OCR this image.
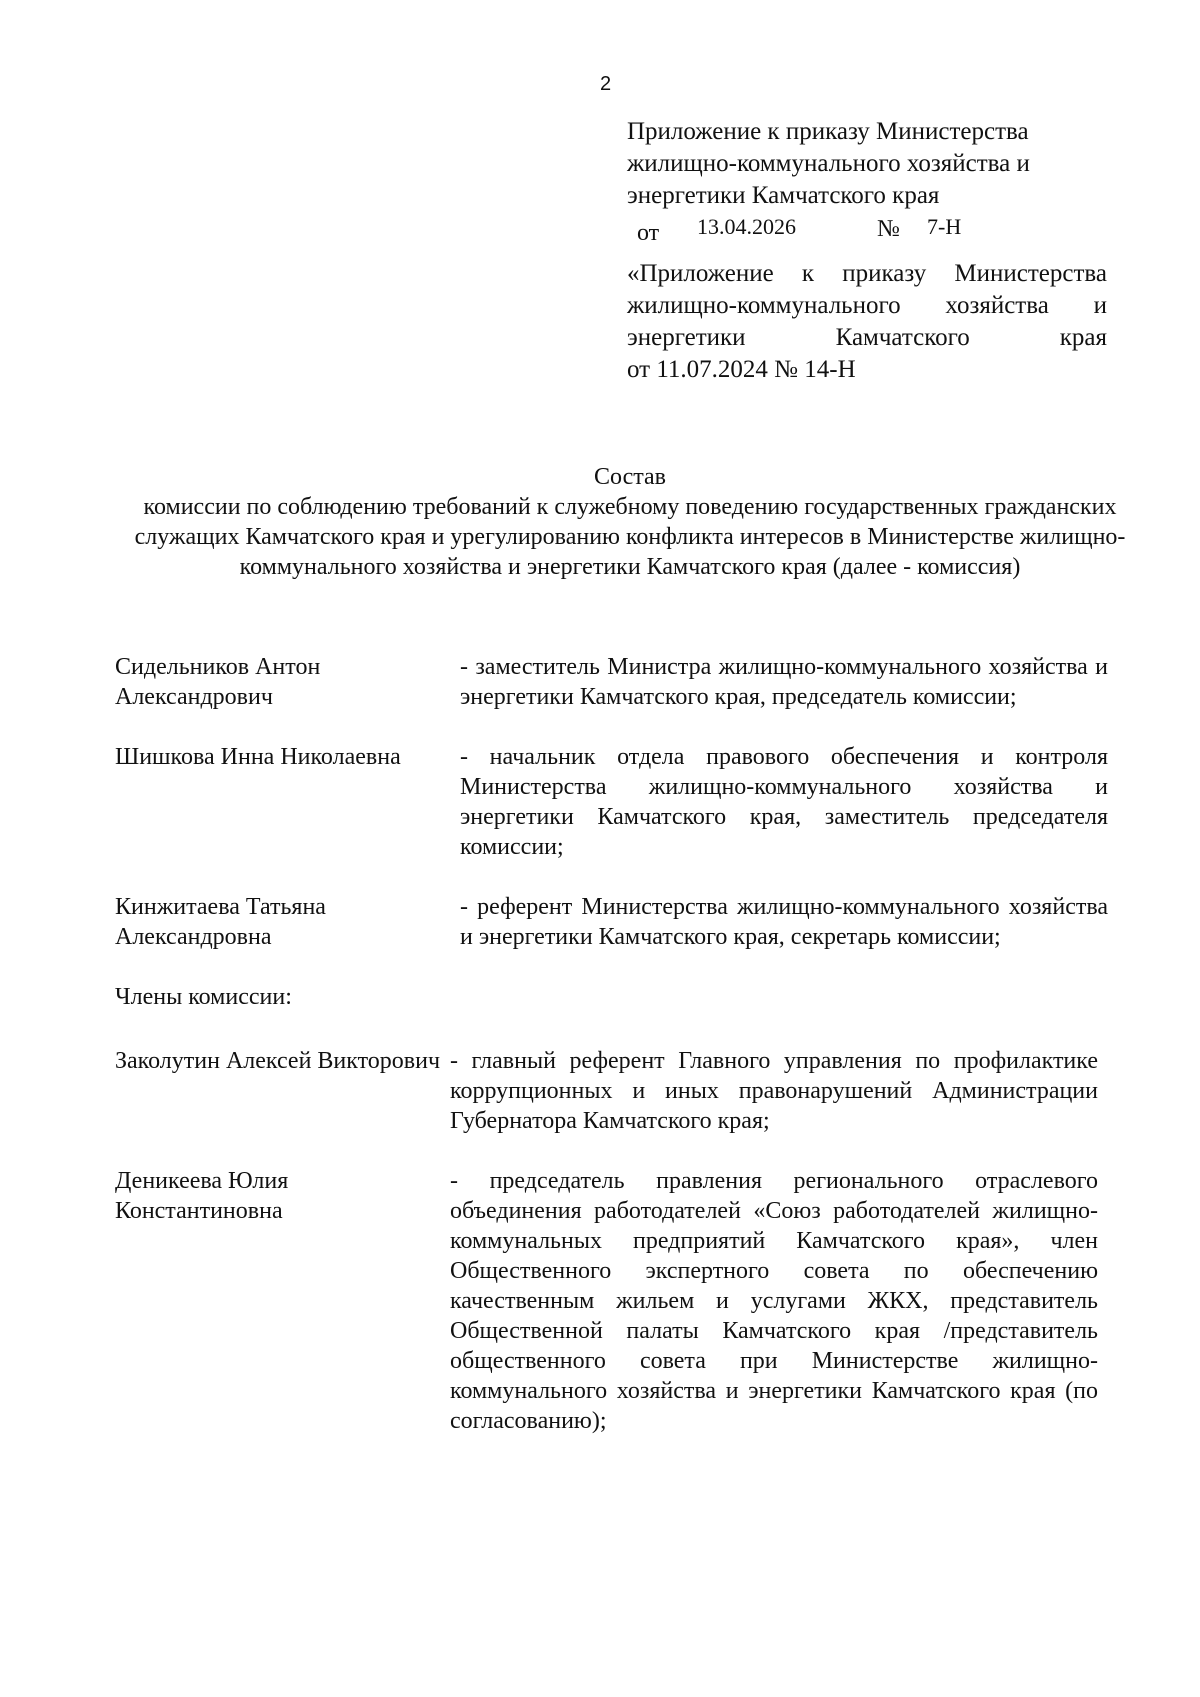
2

Приложение к приказу Министерства жилищно-коммунального хозяйства и энергетики Камчатского края

от 13.04.2026	№ 7-Н
«Приложение к приказу Министерства жилищно-коммунального хозяйства и энергетики Камчатского края
от 11.07.2024 № 14-Н
Состав
комиссии по соблюдению требований к служебному поведению государственных гражданских служащих Камчатского края и урегулированию конфликта интересов в Министерстве жилищно-коммунального хозяйства и энергетики Камчатского края (далее - комиссия)
Сидельников Антон Александрович
- заместитель Министра жилищно-коммунального хозяйства и энергетики Камчатского края, председатель комиссии;
Шишкова Инна Николаевна	- начальник отдела правового обеспечения и контроля Министерства жилищно-коммунального хозяйства и энергетики Камчатского края, заместитель председателя комиссии;
Кинжитаева Татьяна Александровна
- референт Министерства жилищно-коммунального хозяйства и энергетики Камчатского края, секретарь комиссии;
Члены комиссии:
Заколутин Алексей Викторович - главный референт Главного управления по профилактике коррупционных и иных правонарушений Администрации Губернатора Камчатского края;
Деникеева Юлия Константиновна
- председатель правления регионального отраслевого объединения работодателей «Союз работодателей жилищно-коммунальных предприятий Камчатского края», член Общественного экспертного совета по обеспечению качественным жильем и услугами ЖКХ, представитель Общественной палаты Камчатского края /представитель общественного совета при Министерстве жилищно-коммунального хозяйства и энергетики Камчатского края (по согласованию);
